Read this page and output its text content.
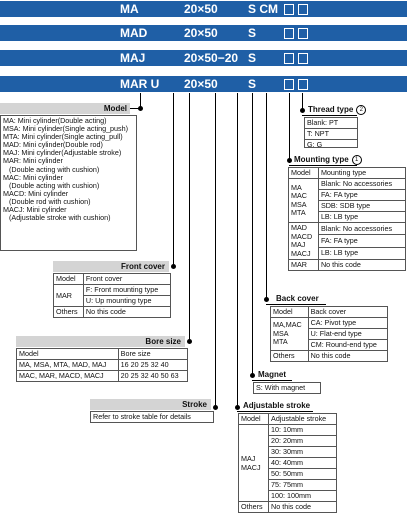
MA	20×50	S CM
MAD	20×50	S
MAJ	20×50−20 S
MAR U 20×50	S
Model
MA: Mini cylinder(Double acting)
MSA: Mini cylinder(Single acting_push)
MTA: Mini cylinder(Single acting_pull)
MAD: Mini cylinder(Double rod)
MAJ: Mini cylinder(Adjustable stroke)
MAR: Mini cylinder
(Double acting with cushion)
MAC: Mini cylinder
(Double acting with cushion)
MACD: Mini cylinder
(Double rod with cushion)
MACJ: Mini cylinder
(Adjustable stroke with cushion)
Front cover
Model	Front cover
MAR	F: Front mounting type
	U: Up mounting type
Others	No this code
Bore size
Model	Bore size
MA, MSA, MTA, MAD, MAJ	16 20 25 32 40
MAC, MAR, MACD, MACJ	20 25 32 40 50 63
Stroke
Refer to stroke table for details
Thread type 2
Blank: PT
T: NPT
G: G
Mounting type 1
Model	Mounting type

MA
MAC
MSA
MTA	Blank: No accessories
	FA: FA type
	SDB: SDB type
	LB: LB type

MAD
MACD
MAJ
MACJ	Blank: No accessories
	FA: FA type
	LB: LB type
MAR	No this code
Back cover
Model	Back cover

MA,MAC
MSA
MTA	CA: Pivot type
	U: Flat-end type
	CM: Round-end type
Others	No this code
Magnet
S: With magnet
Adjustable stroke
Model	Adjustable stroke

MAJ
MACJ	10: 10mm
	20: 20mm
	30: 30mm
	40: 40mm
	50: 50mm
	75: 75mm
	100: 100mm
Others	No this code
